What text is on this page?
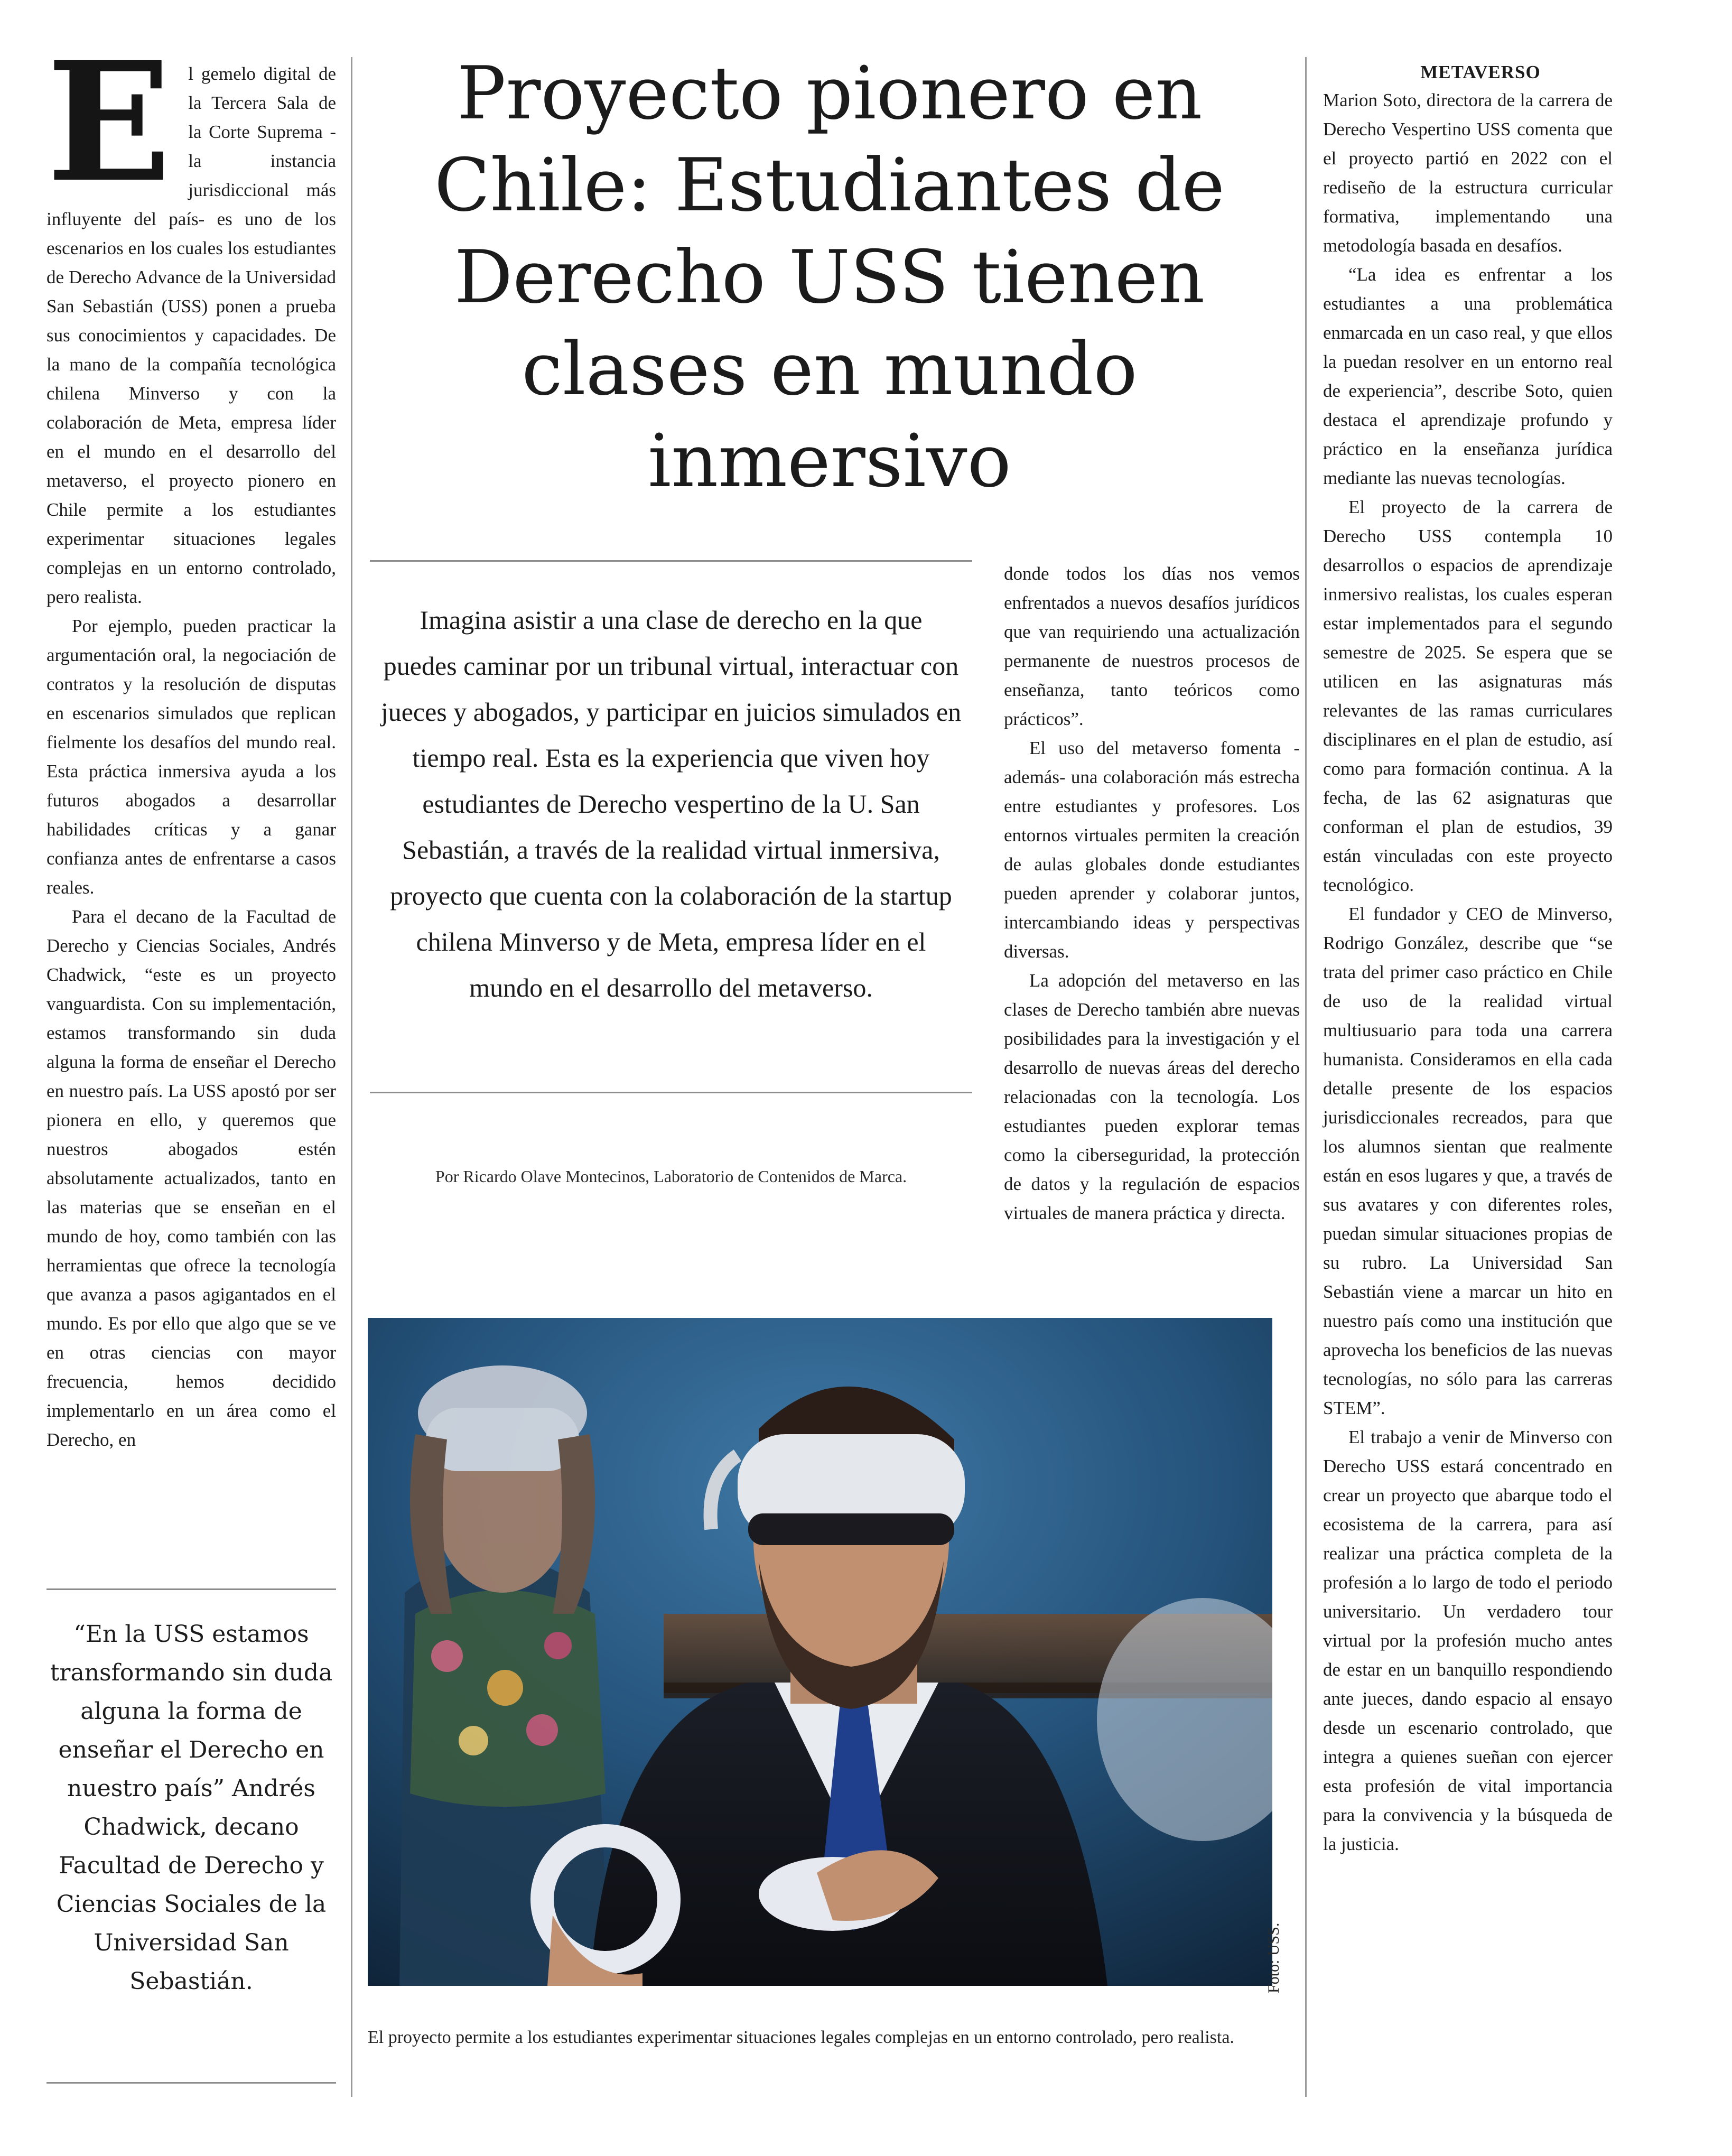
E l gemelo digital de la Tercera Sala de la Corte Suprema -la instancia jurisdiccional más influyente del país- es uno de los escenarios en los cuales los estudiantes de Derecho Advance de la Universidad San Sebastián (USS) ponen a prueba sus conocimientos y capacidades. De la mano de la compañía tecnológica chilena Minverso y con la colaboración de Meta, empresa líder en el mundo en el desarrollo del metaverso, el proyecto pionero en Chile permite a los estudiantes experimentar situaciones legales complejas en un entorno controlado, pero realista.

Por ejemplo, pueden practicar la argumentación oral, la negociación de contratos y la resolución de disputas en escenarios simulados que replican fielmente los desafíos del mundo real. Esta práctica inmersiva ayuda a los futuros abogados a desarrollar habilidades críticas y a ganar confianza antes de enfrentarse a casos reales.

Para el decano de la Facultad de Derecho y Ciencias Sociales, Andrés Chadwick, “este es un proyecto vanguardista. Con su implementación, estamos transformando sin duda alguna la forma de enseñar el Derecho en nuestro país. La USS apostó por ser pionera en ello, y queremos que nuestros abogados estén absolutamente actualizados, tanto en las materias que se enseñan en el mundo de hoy, como también con las herramientas que ofrece la tecnología que avanza a pasos agigantados en el mundo. Es por ello que algo que se ve en otras ciencias con mayor frecuencia, hemos decidido implementarlo en un área como el Derecho, en

“En la USS estamos transformando sin duda alguna la forma de enseñar el Derecho en nuestro país” Andrés Chadwick, decano Facultad de Derecho y Ciencias Sociales de la Universidad San Sebastián.

Proyecto pionero en Chile: Estudiantes de Derecho USS tienen clases en mundo inmersivo

Imagina asistir a una clase de derecho en la que puedes caminar por un tribunal virtual, interactuar con jueces y abogados, y participar en juicios simulados en tiempo real. Esta es la experiencia que viven hoy estudiantes de Derecho vespertino de la U. San Sebastián, a través de la realidad virtual inmersiva, proyecto que cuenta con la colaboración de la startup chilena Minverso y de Meta, empresa líder en el mundo en el desarrollo del metaverso.

Por Ricardo Olave Montecinos, Laboratorio de Contenidos de Marca.

donde todos los días nos vemos enfrentados a nuevos desafíos jurídicos que van requiriendo una actualización permanente de nuestros procesos de enseñanza, tanto teóricos como prácticos”.

El uso del metaverso fomenta -además- una colaboración más estrecha entre estudiantes y profesores. Los entornos virtuales permiten la creación de aulas globales donde estudiantes pueden aprender y colaborar juntos, intercambiando ideas y perspectivas diversas.

La adopción del metaverso en las clases de Derecho también abre nuevas posibilidades para la investigación y el desarrollo de nuevas áreas del derecho relacionadas con la tecnología. Los estudiantes pueden explorar temas como la ciberseguridad, la protección de datos y la regulación de espacios virtuales de manera práctica y directa.

METAVERSO

Marion Soto, directora de la carrera de Derecho Vespertino USS comenta que el proyecto partió en 2022 con el rediseño de la estructura curricular formativa, implementando una metodología basada en desafíos.

“La idea es enfrentar a los estudiantes a una problemática enmarcada en un caso real, y que ellos la puedan resolver en un entorno real de experiencia”, describe Soto, quien destaca el aprendizaje profundo y práctico en la enseñanza jurídica mediante las nuevas tecnologías.

El proyecto de la carrera de Derecho USS contempla 10 desarrollos o espacios de aprendizaje inmersivo realistas, los cuales esperan estar implementados para el segundo semestre de 2025. Se espera que se utilicen en las asignaturas más relevantes de las ramas curriculares disciplinares en el plan de estudio, así como para formación continua. A la fecha, de las 62 asignaturas que conforman el plan de estudios, 39 están vinculadas con este proyecto tecnológico.

El fundador y CEO de Minverso, Rodrigo González, describe que “se trata del primer caso práctico en Chile de uso de la realidad virtual multiusuario para toda una carrera humanista. Consideramos en ella cada detalle presente de los espacios jurisdiccionales recreados, para que los alumnos sientan que realmente están en esos lugares y que, a través de sus avatares y con diferentes roles, puedan simular situaciones propias de su rubro. La Universidad San Sebastián viene a marcar un hito en nuestro país como una institución que aprovecha los beneficios de las nuevas tecnologías, no sólo para las carreras STEM”.

El trabajo a venir de Minverso con Derecho USS estará concentrado en crear un proyecto que abarque todo el ecosistema de la carrera, para así realizar una práctica completa de la profesión a lo largo de todo el periodo universitario. Un verdadero tour virtual por la profesión mucho antes de estar en un banquillo respondiendo ante jueces, dando espacio al ensayo desde un escenario controlado, que integra a quienes sueñan con ejercer esta profesión de vital importancia para la convivencia y la búsqueda de la justicia.

Foto: USS.

El proyecto permite a los estudiantes experimentar situaciones legales complejas en un entorno controlado, pero realista.
